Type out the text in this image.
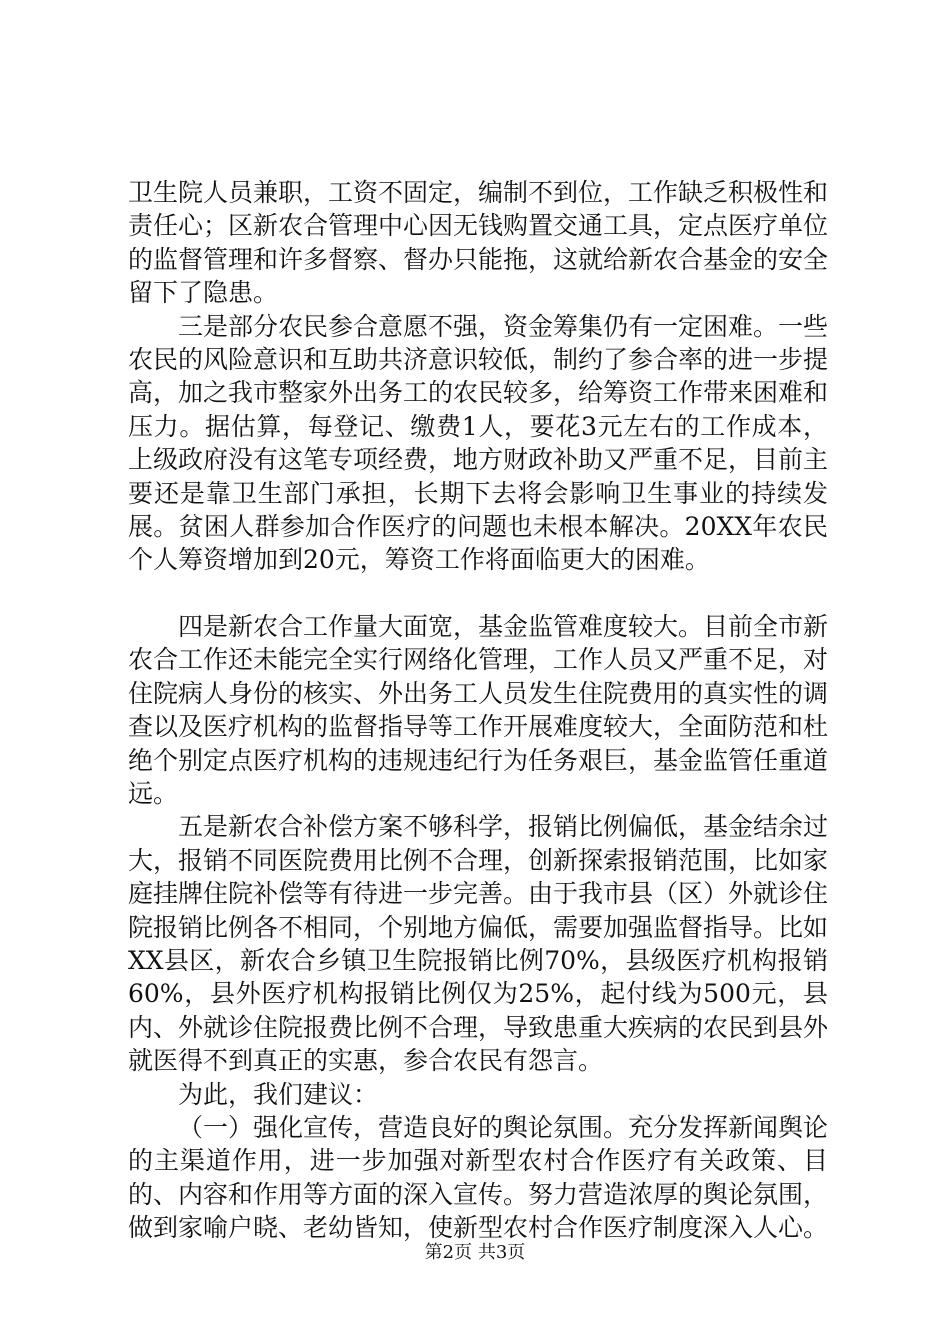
卫生院人员兼职，工资不固定，编制不到位，工作缺乏积极性和责任心；区新农合管理中心因无钱购置交通工具，定点医疗单位的监督管理和许多督察、督办只能拖，这就给新农合基金的安全留下了隐患。

三是部分农民参合意愿不强，资金筹集仍有一定困难。一些农民的风险意识和互助共济意识较低，制约了参合率的进一步提高，加之我市整家外出务工的农民较多，给筹资工作带来困难和压力。据估算，每登记、缴费1人，要花3元左右的工作成本，上级政府没有这笔专项经费，地方财政补助又严重不足，目前主要还是靠卫生部门承担，长期下去将会影响卫生事业的持续发展。贫困人群参加合作医疗的问题也未根本解决。20XX年农民个人筹资增加到20元，筹资工作将面临更大的困难。

四是新农合工作量大面宽，基金监管难度较大。目前全市新农合工作还未能完全实行网络化管理，工作人员又严重不足，对住院病人身份的核实、外出务工人员发生住院费用的真实性的调查以及医疗机构的监督指导等工作开展难度较大，全面防范和杜绝个别定点医疗机构的违规违纪行为任务艰巨，基金监管任重道远。

五是新农合补偿方案不够科学，报销比例偏低，基金结余过大，报销不同医院费用比例不合理，创新探索报销范围，比如家庭挂牌住院补偿等有待进一步完善。由于我市县（区）外就诊住院报销比例各不相同，个别地方偏低，需要加强监督指导。比如XX县区，新农合乡镇卫生院报销比例70%，县级医疗机构报销60%，县外医疗机构报销比例仅为25%，起付线为500元，县内、外就诊住院报费比例不合理，导致患重大疾病的农民到县外就医得不到真正的实惠，参合农民有怨言。

为此，我们建议：

（一）强化宣传，营造良好的舆论氛围。充分发挥新闻舆论的主渠道作用，进一步加强对新型农村合作医疗有关政策、目的、内容和作用等方面的深入宣传。努力营造浓厚的舆论氛围，做到家喻户晓、老幼皆知，使新型农村合作医疗制度深入人心。

第2页 共3页
